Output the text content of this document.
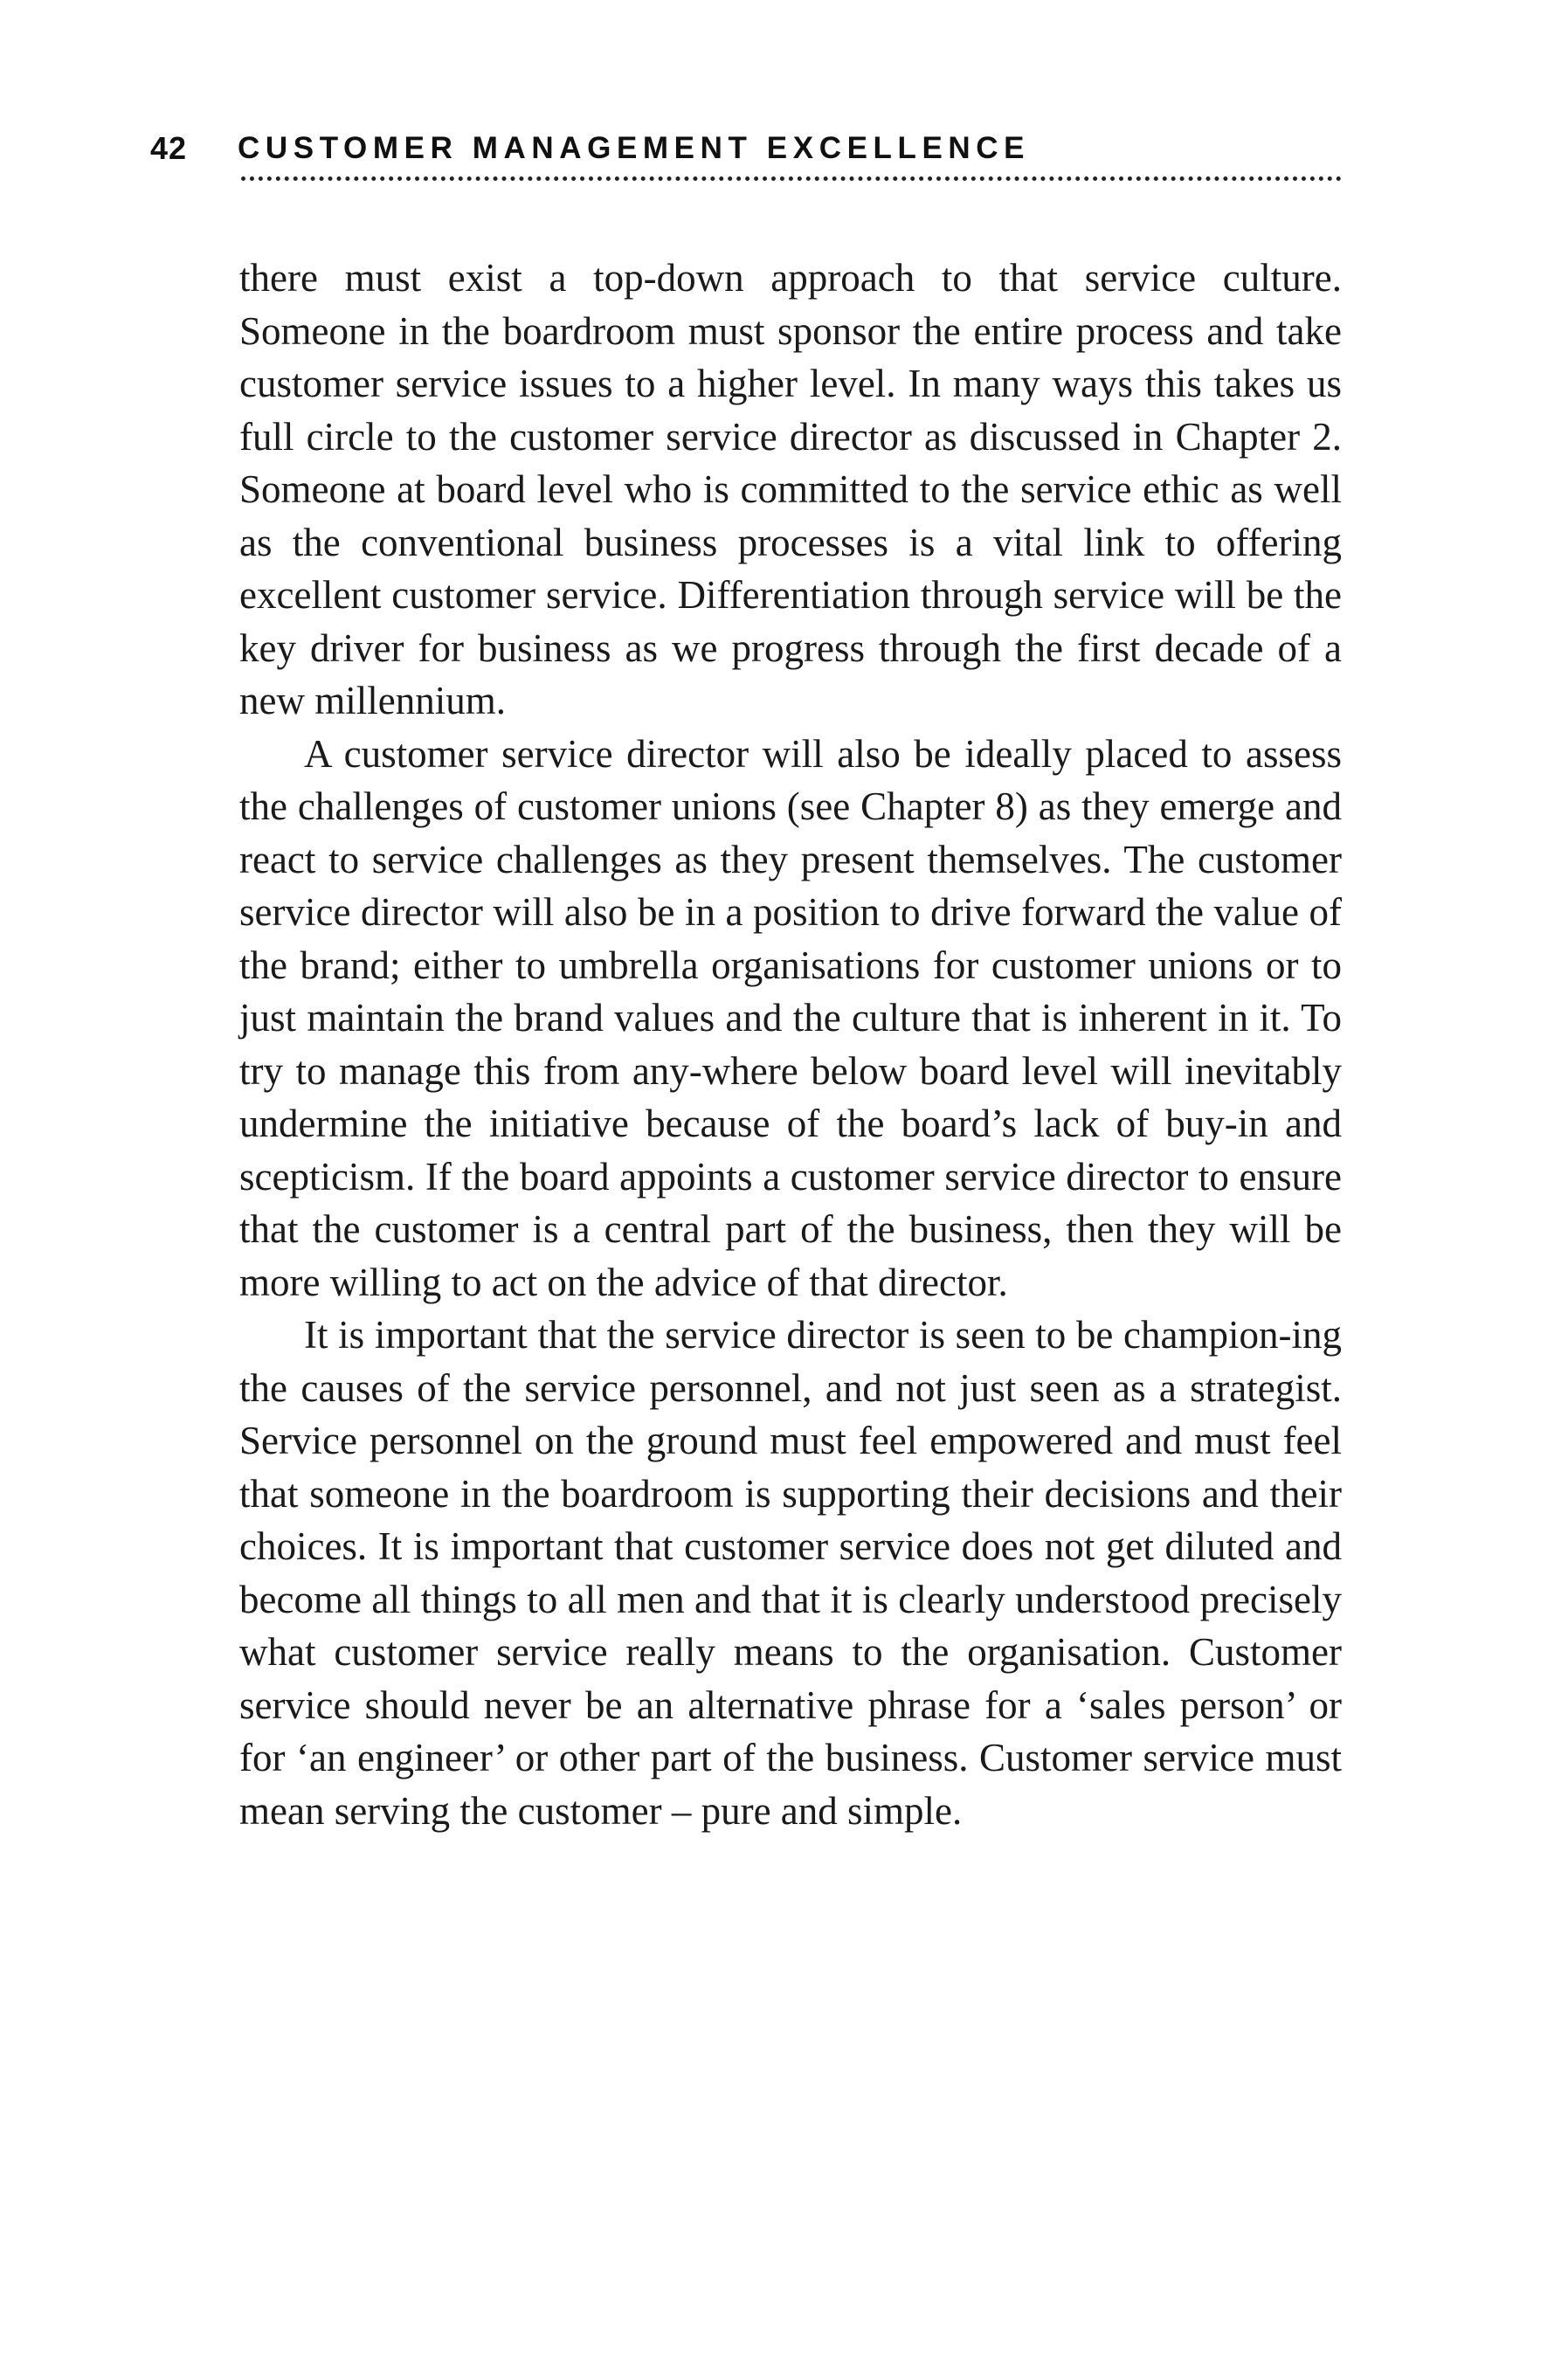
42 CUSTOMER MANAGEMENT EXCELLENCE

there must exist a top-down approach to that service culture. Someone in the boardroom must sponsor the entire process and take customer service issues to a higher level. In many ways this takes us full circle to the customer service director as discussed in Chapter 2. Someone at board level who is committed to the service ethic as well as the conventional business processes is a vital link to offering excellent customer service. Differentiation through service will be the key driver for business as we progress through the first decade of a new millennium.

A customer service director will also be ideally placed to assess the challenges of customer unions (see Chapter 8) as they emerge and react to service challenges as they present themselves. The customer service director will also be in a position to drive forward the value of the brand; either to umbrella organisations for customer unions or to just maintain the brand values and the culture that is inherent in it. To try to manage this from any-where below board level will inevitably undermine the initiative because of the board’s lack of buy-in and scepticism. If the board appoints a customer service director to ensure that the customer is a central part of the business, then they will be more willing to act on the advice of that director.

It is important that the service director is seen to be champion-ing the causes of the service personnel, and not just seen as a strategist. Service personnel on the ground must feel empowered and must feel that someone in the boardroom is supporting their decisions and their choices. It is important that customer service does not get diluted and become all things to all men and that it is clearly understood precisely what customer service really means to the organisation. Customer service should never be an alternative phrase for a ‘sales person’ or for ‘an engineer’ or other part of the business. Customer service must mean serving the customer – pure and simple.
